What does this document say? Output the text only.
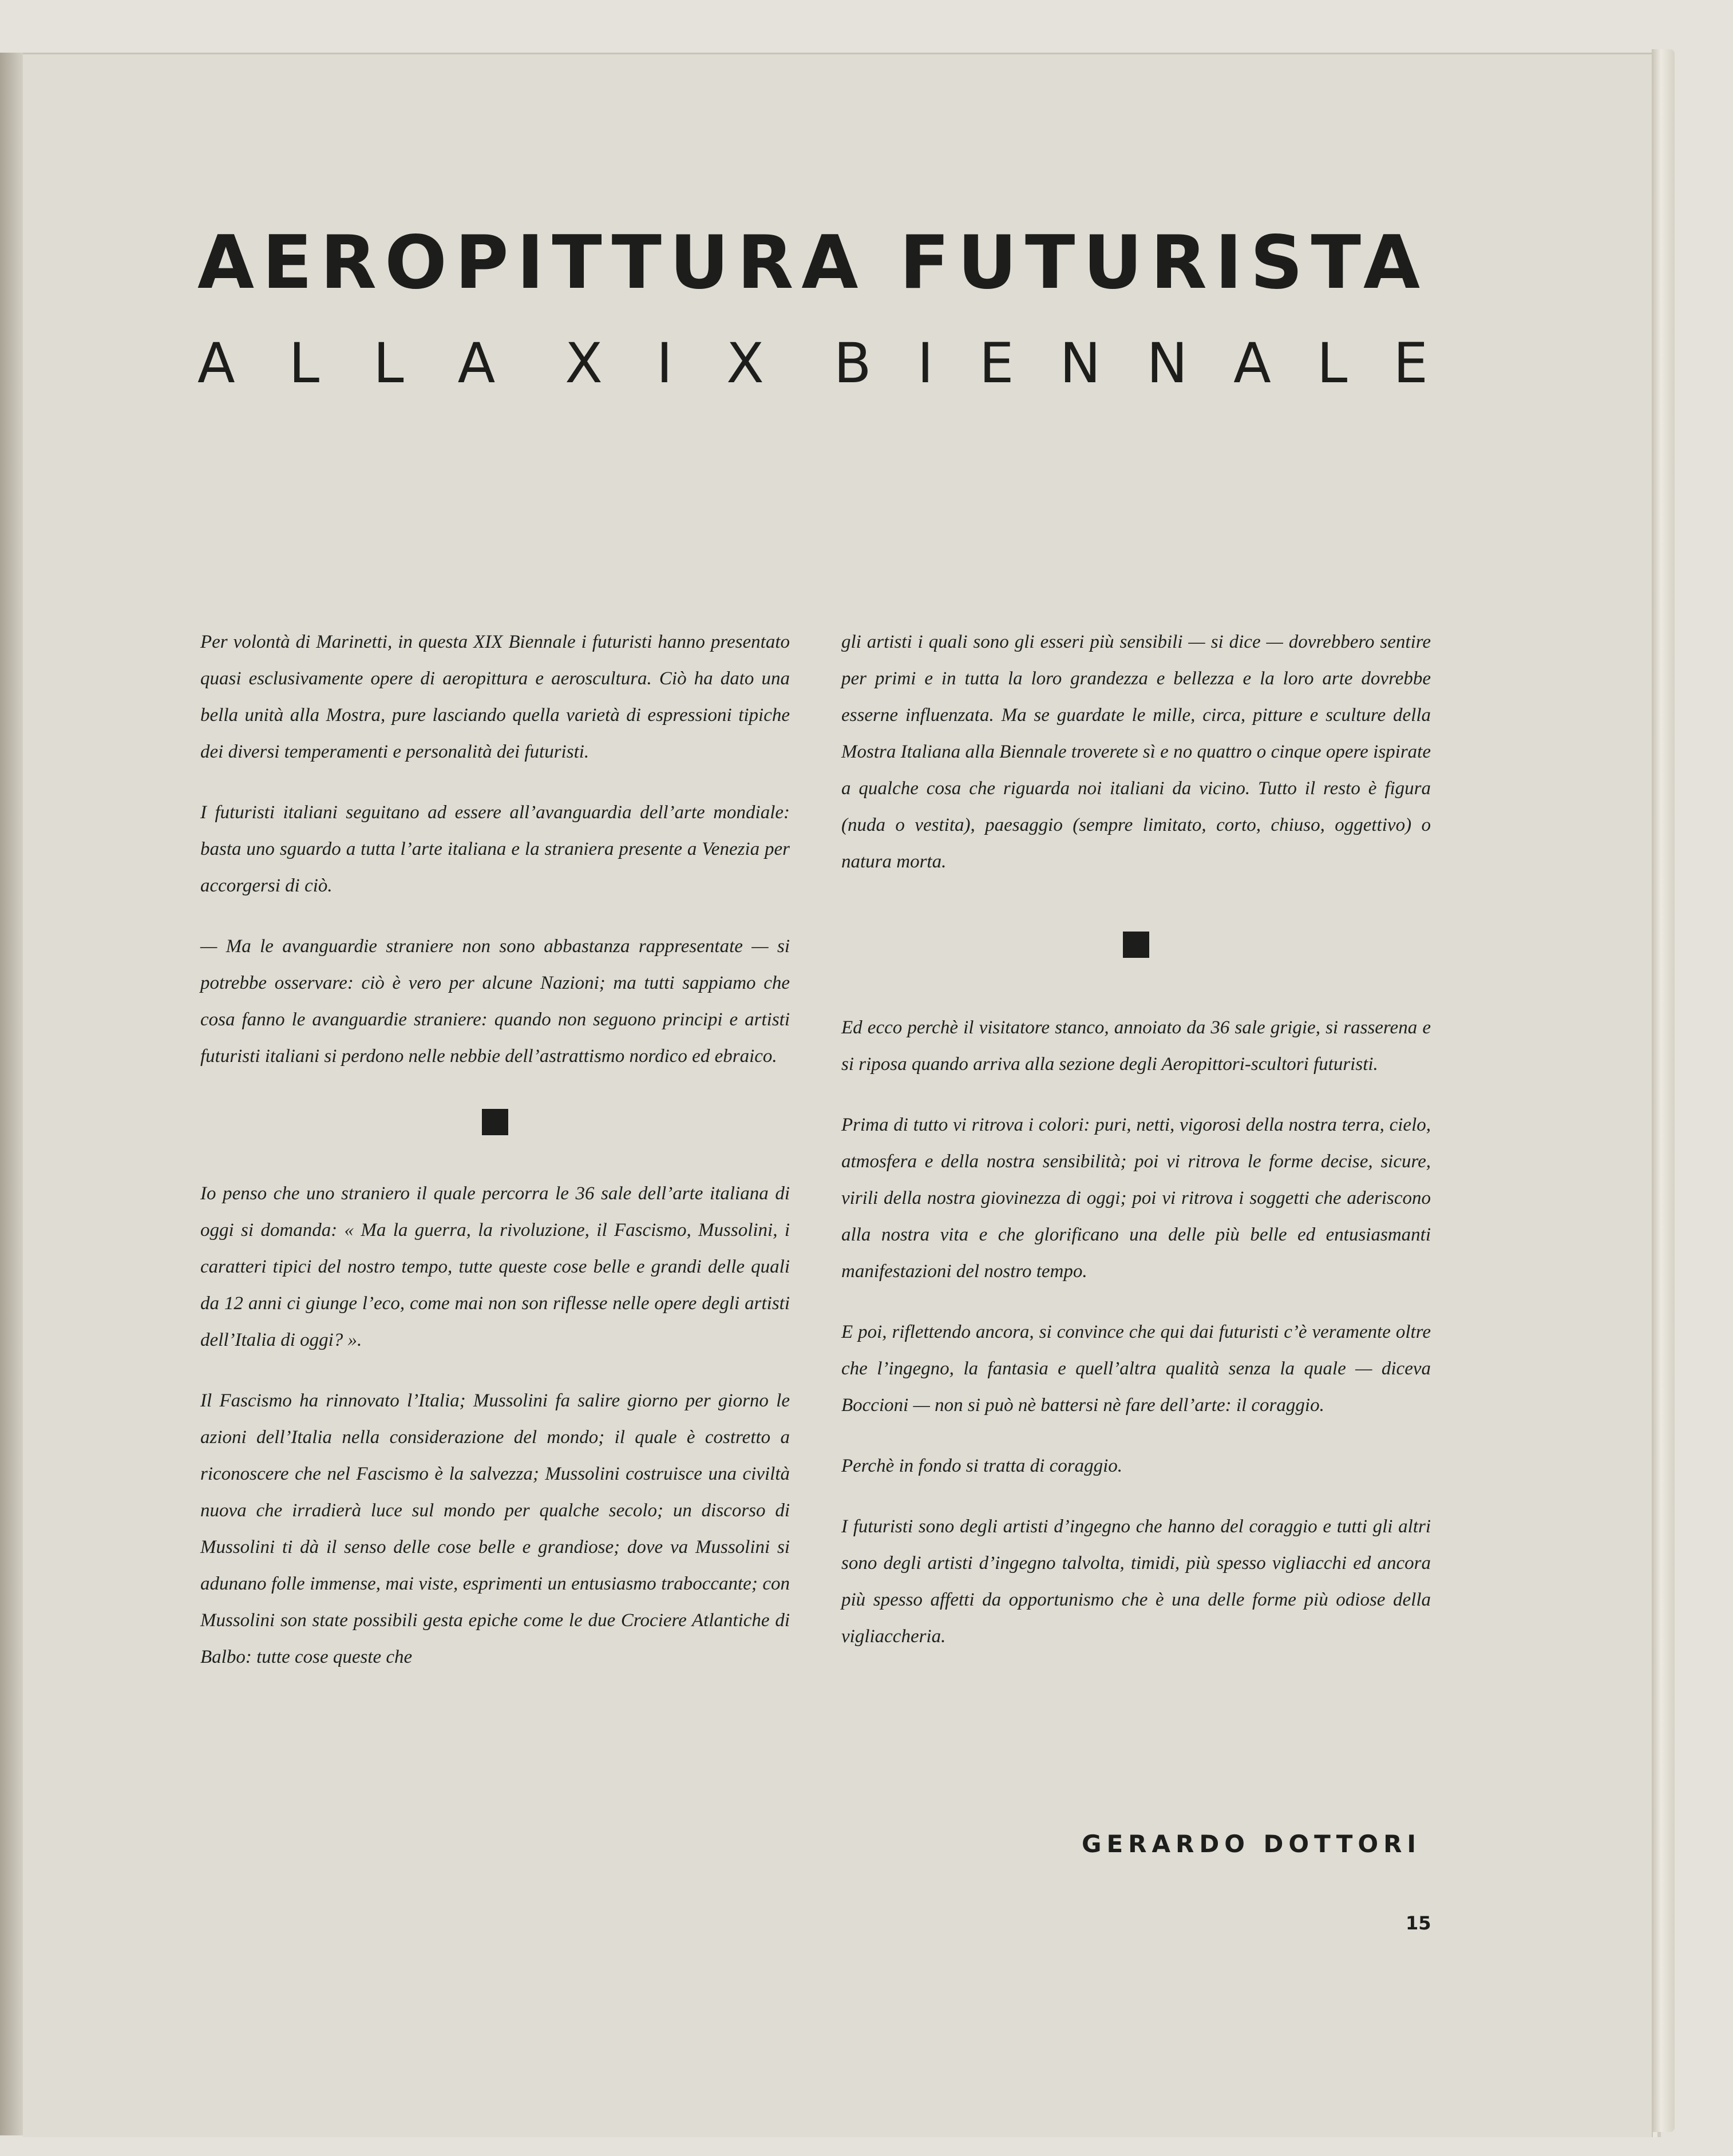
AEROPITTURA FUTURISTA
A L L A X I X B I E N N A L E

Per volontà di Marinetti, in questa XIX Biennale i futuristi hanno presentato quasi esclusivamente opere di aeropittura e aeroscultura. Ciò ha dato una bella unità alla Mostra, pure lasciando quella varietà di espressioni tipiche dei diversi temperamenti e personalità dei futuristi.

I futuristi italiani seguitano ad essere all’avanguardia dell’arte mondiale: basta uno sguardo a tutta l’arte italiana e la straniera presente a Venezia per accorgersi di ciò.

— Ma le avanguardie straniere non sono abbastanza rappresentate — si potrebbe osservare: ciò è vero per alcune Nazioni; ma tutti sappiamo che cosa fanno le avanguardie straniere: quando non seguono principi e artisti futuristi italiani si perdono nelle nebbie dell’astrattismo nordico ed ebraico.

Io penso che uno straniero il quale percorra le 36 sale dell’arte italiana di oggi si domanda: « Ma la guerra, la rivoluzione, il Fascismo, Mussolini, i caratteri tipici del nostro tempo, tutte queste cose belle e grandi delle quali da 12 anni ci giunge l’eco, come mai non son riflesse nelle opere degli artisti dell’Italia di oggi? ».

Il Fascismo ha rinnovato l’Italia; Mussolini fa salire giorno per giorno le azioni dell’Italia nella considerazione del mondo; il quale è costretto a riconoscere che nel Fascismo è la salvezza; Mussolini costruisce una civiltà nuova che irradierà luce sul mondo per qualche secolo; un discorso di Mussolini ti dà il senso delle cose belle e grandiose; dove va Mussolini si adunano folle immense, mai viste, esprimenti un entusiasmo traboccante; con Mussolini son state possibili gesta epiche come le due Crociere Atlantiche di Balbo: tutte cose queste che

gli artisti i quali sono gli esseri più sensibili — si dice — dovrebbero sentire per primi e in tutta la loro grandezza e bellezza e la loro arte dovrebbe esserne influenzata. Ma se guardate le mille, circa, pitture e sculture della Mostra Italiana alla Biennale troverete sì e no quattro o cinque opere ispirate a qualche cosa che riguarda noi italiani da vicino. Tutto il resto è figura (nuda o vestita), paesaggio (sempre limitato, corto, chiuso, oggettivo) o natura morta.

Ed ecco perchè il visitatore stanco, annoiato da 36 sale grigie, si rasserena e si riposa quando arriva alla sezione degli Aeropittori-scultori futuristi.

Prima di tutto vi ritrova i colori: puri, netti, vigorosi della nostra terra, cielo, atmosfera e della nostra sensibilità; poi vi ritrova le forme decise, sicure, virili della nostra giovinezza di oggi; poi vi ritrova i soggetti che aderiscono alla nostra vita e che glorificano una delle più belle ed entusiasmanti manifestazioni del nostro tempo.

E poi, riflettendo ancora, si convince che qui dai futuristi c’è veramente oltre che l’ingegno, la fantasia e quell’altra qualità senza la quale — diceva Boccioni — non si può nè battersi nè fare dell’arte: il coraggio.

Perchè in fondo si tratta di coraggio.

I futuristi sono degli artisti d’ingegno che hanno del coraggio e tutti gli altri sono degli artisti d’ingegno talvolta, timidi, più spesso vigliacchi ed ancora più spesso affetti da opportunismo che è una delle forme più odiose della vigliaccheria.

GERARDO DOTTORI
15
